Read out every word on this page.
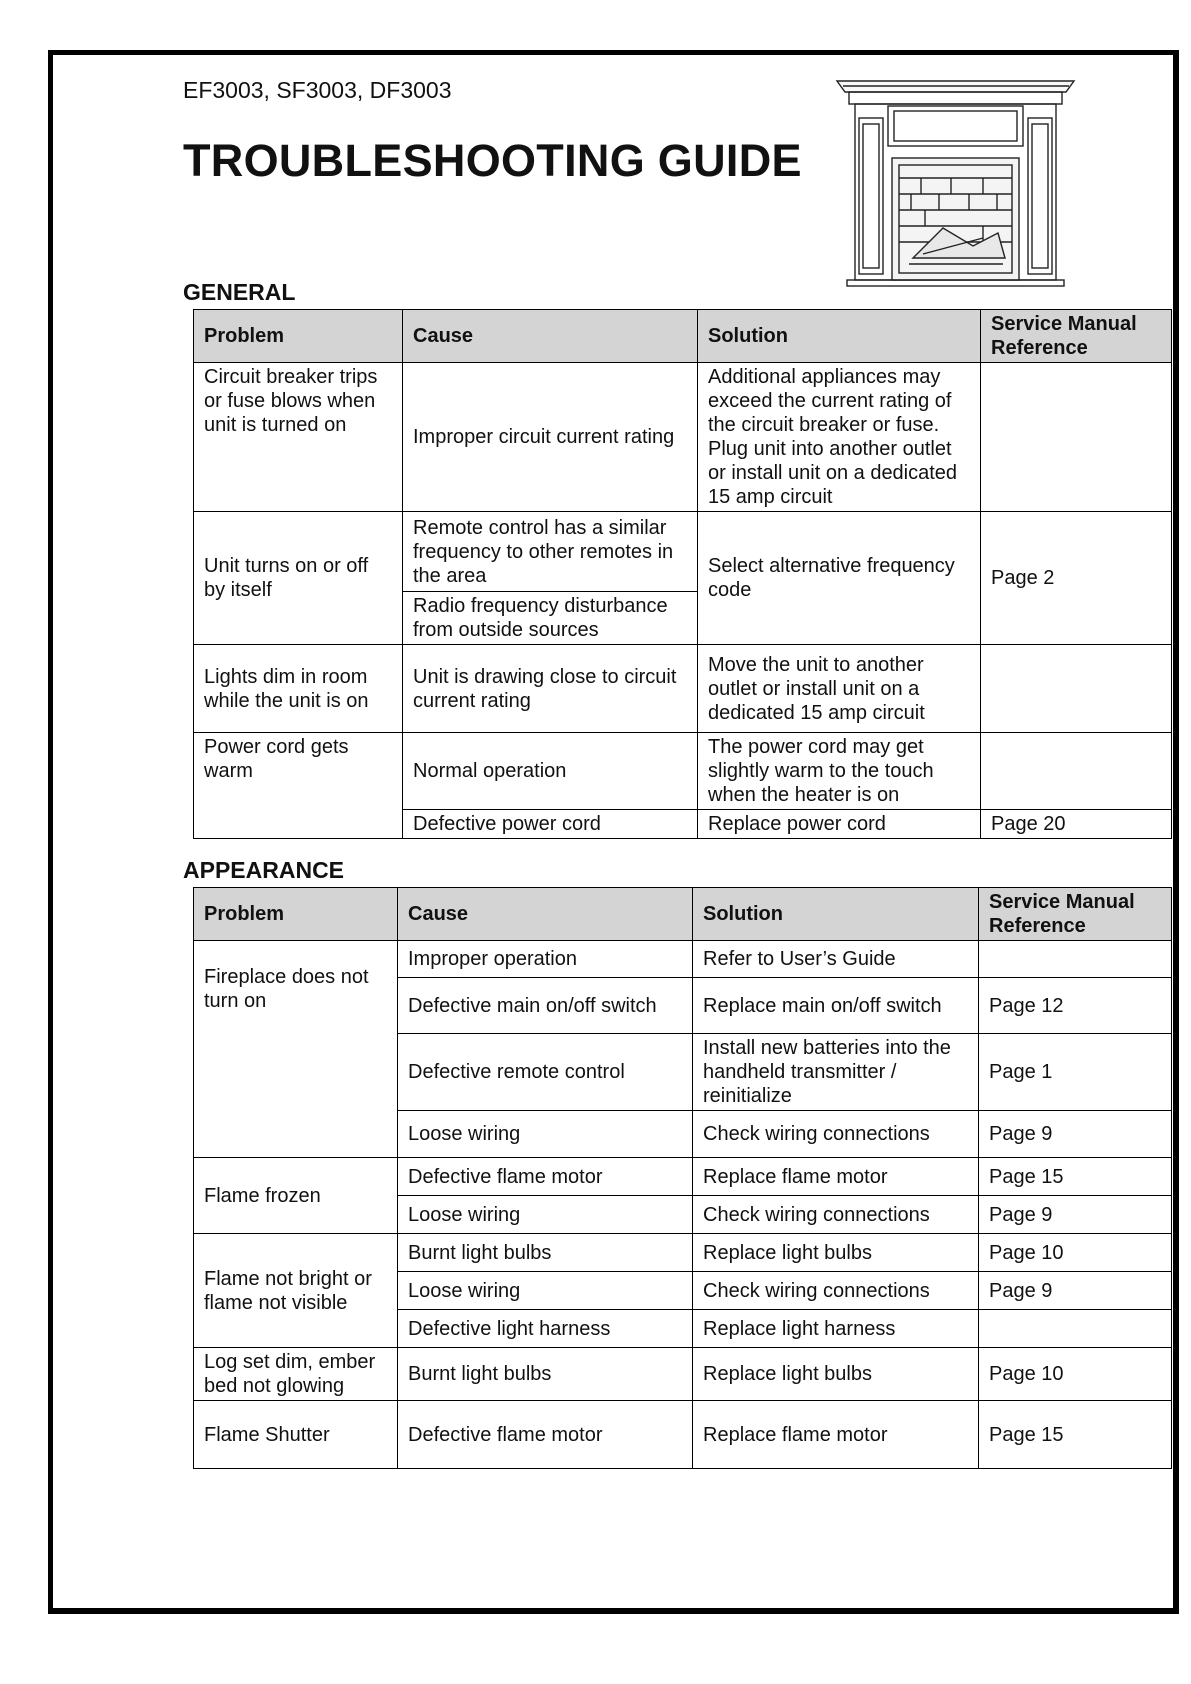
EF3003, SF3003, DF3003
TROUBLESHOOTING GUIDE
GENERAL
Problem	Cause	Solution	Service Manual Reference
Circuit breaker trips or fuse blows when unit is turned on	Improper circuit current rating	Additional appliances may exceed the current rating of the circuit breaker or fuse. Plug unit into another outlet or install unit on a dedicated 15 amp circuit	
Unit turns on or off by itself	Remote control has a similar frequency to other remotes in the area	Select alternative frequency code	Page 2
	Radio frequency disturbance from outside sources		
Lights dim in room while the unit is on	Unit is drawing close to circuit current rating	Move the unit to another outlet or install unit on a dedicated 15 amp circuit	
Power cord gets warm	Normal operation	The power cord may get slightly warm to the touch when the heater is on	
	Defective power cord	Replace power cord	Page 20
APPEARANCE
Problem	Cause	Solution	Service Manual Reference
Fireplace does not turn on	Improper operation	Refer to User’s Guide	
	Defective main on/off switch	Replace main on/off switch	Page 12
	Defective remote control	Install new batteries into the handheld transmitter / reinitialize	Page 1
	Loose wiring	Check wiring connections	Page 9
Flame frozen	Defective flame motor	Replace flame motor	Page 15
	Loose wiring	Check wiring connections	Page 9
Flame not bright or flame not visible	Burnt light bulbs	Replace light bulbs	Page 10
	Loose wiring	Check wiring connections	Page 9
	Defective light harness	Replace light harness	
Log set dim, ember bed not glowing	Burnt light bulbs	Replace light bulbs	Page 10
Flame Shutter	Defective flame motor	Replace flame motor	Page 15
